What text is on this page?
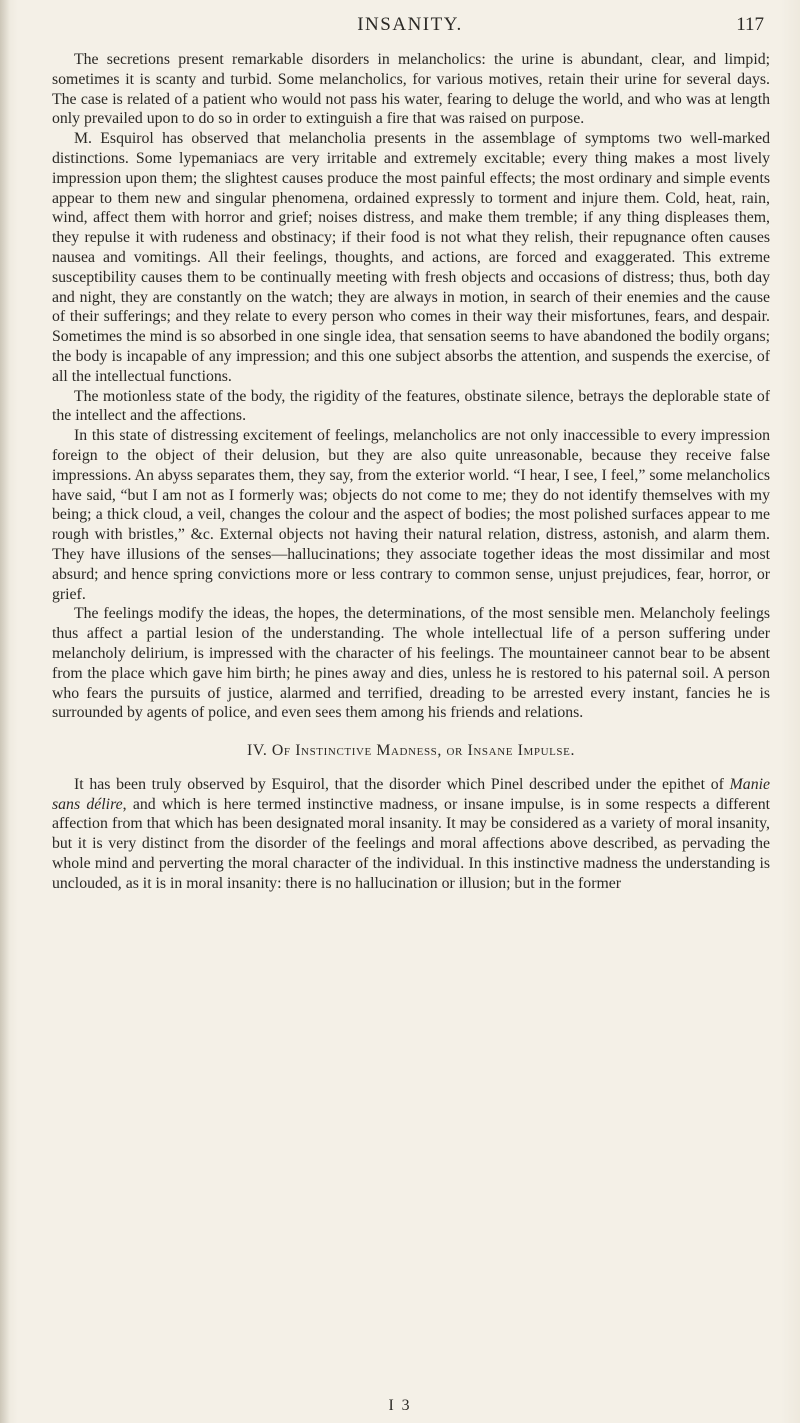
INSANITY.	117

The secretions present remarkable disorders in melancholics: the urine is abundant, clear, and limpid; sometimes it is scanty and turbid. Some melancholics, for various motives, retain their urine for several days. The case is related of a patient who would not pass his water, fearing to deluge the world, and who was at length only prevailed upon to do so in order to extinguish a fire that was raised on purpose.

M. Esquirol has observed that melancholia presents in the assemblage of symptoms two well-marked distinctions. Some lypemaniacs are very irritable and extremely excitable; every thing makes a most lively impression upon them; the slightest causes produce the most painful effects; the most ordinary and simple events appear to them new and singular phenomena, ordained expressly to torment and injure them. Cold, heat, rain, wind, affect them with horror and grief; noises distress, and make them tremble; if any thing displeases them, they repulse it with rudeness and obstinacy; if their food is not what they relish, their repugnance often causes nausea and vomitings. All their feelings, thoughts, and actions, are forced and exaggerated. This extreme susceptibility causes them to be continually meeting with fresh objects and occasions of distress; thus, both day and night, they are constantly on the watch; they are always in motion, in search of their enemies and the cause of their sufferings; and they relate to every person who comes in their way their misfortunes, fears, and despair. Sometimes the mind is so absorbed in one single idea, that sensation seems to have abandoned the bodily organs; the body is incapable of any impression; and this one subject absorbs the attention, and suspends the exercise, of all the intellectual functions.

The motionless state of the body, the rigidity of the features, obstinate silence, betrays the deplorable state of the intellect and the affections.

In this state of distressing excitement of feelings, melancholics are not only inaccessible to every impression foreign to the object of their delusion, but they are also quite unreasonable, because they receive false impressions. An abyss separates them, they say, from the exterior world. “I hear, I see, I feel,” some melancholics have said, “but I am not as I formerly was; objects do not come to me; they do not identify themselves with my being; a thick cloud, a veil, changes the colour and the aspect of bodies; the most polished surfaces appear to me rough with bristles,” &c. External objects not having their natural relation, distress, astonish, and alarm them. They have illusions of the senses—hallucinations; they associate together ideas the most dissimilar and most absurd; and hence spring convictions more or less contrary to common sense, unjust prejudices, fear, horror, or grief.

The feelings modify the ideas, the hopes, the determinations, of the most sensible men. Melancholy feelings thus affect a partial lesion of the understanding. The whole intellectual life of a person suffering under melancholy delirium, is impressed with the character of his feelings. The mountaineer cannot bear to be absent from the place which gave him birth; he pines away and dies, unless he is restored to his paternal soil. A person who fears the pursuits of justice, alarmed and terrified, dreading to be arrested every instant, fancies he is surrounded by agents of police, and even sees them among his friends and relations.

IV. Of Instinctive Madness, or Insane Impulse.

It has been truly observed by Esquirol, that the disorder which Pinel described under the epithet of Manie sans délire, and which is here termed instinctive madness, or insane impulse, is in some respects a different affection from that which has been designated moral insanity. It may be considered as a variety of moral insanity, but it is very distinct from the disorder of the feelings and moral affections above described, as pervading the whole mind and perverting the moral character of the individual. In this instinctive madness the understanding is unclouded, as it is in moral insanity: there is no hallucination or illusion; but in the former

I 3
